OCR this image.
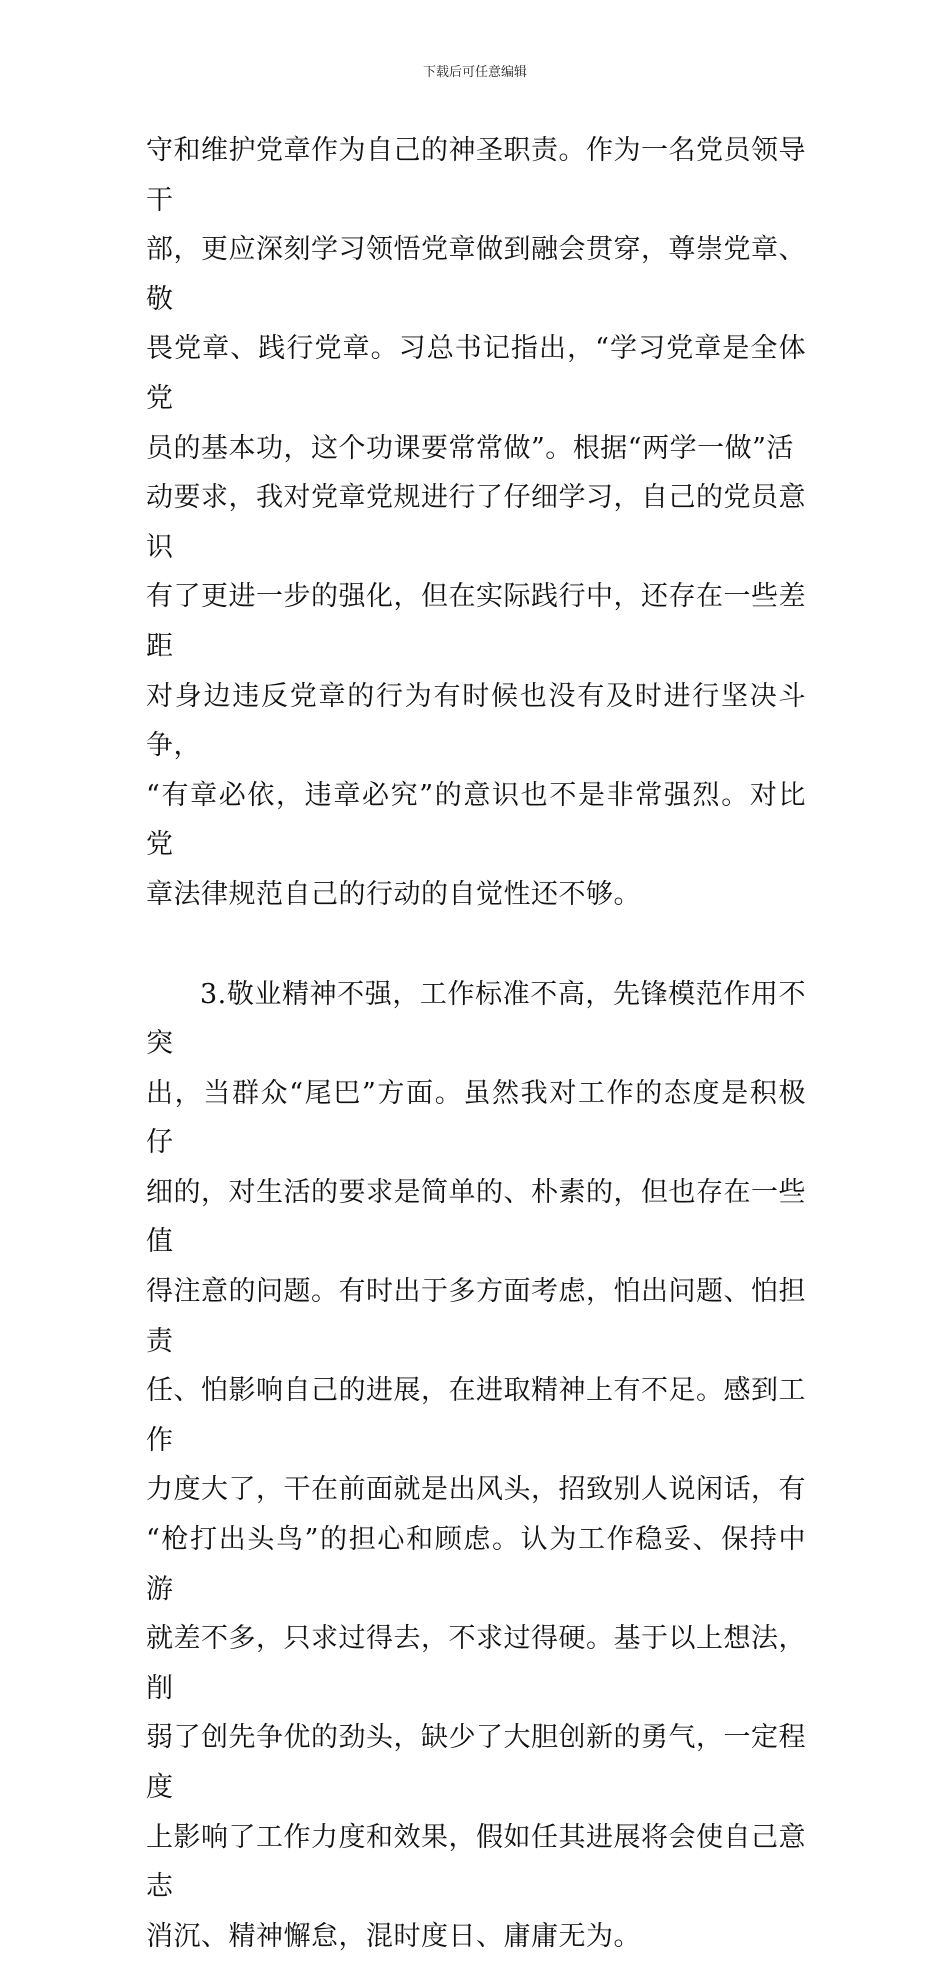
下载后可任意编辑
守和维护党章作为自己的神圣职责。作为一名党员领导干
部，更应深刻学习领悟党章做到融会贯穿，尊崇党章、敬
畏党章、践行党章。习总书记指出，“学习党章是全体党
员的基本功，这个功课要常常做”。根据“两学一做”活
动要求，我对党章党规进行了仔细学习，自己的党员意识
有了更进一步的强化，但在实际践行中，还存在一些差距
对身边违反党章的行为有时候也没有及时进行坚决斗争，
“有章必依，违章必究”的意识也不是非常强烈。对比党
章法律规范自己的行动的自觉性还不够。
3.敬业精神不强，工作标准不高，先锋模范作用不突
出，当群众“尾巴”方面。虽然我对工作的态度是积极仔
细的，对生活的要求是简单的、朴素的，但也存在一些值
得注意的问题。有时出于多方面考虑，怕出问题、怕担责
任、怕影响自己的进展，在进取精神上有不足。感到工作
力度大了，干在前面就是出风头，招致别人说闲话，有
“枪打出头鸟”的担心和顾虑。认为工作稳妥、保持中游
就差不多，只求过得去，不求过得硬。基于以上想法，削
弱了创先争优的劲头，缺少了大胆创新的勇气，一定程度
上影响了工作力度和效果，假如任其进展将会使自己意志
消沉、精神懈怠，混时度日、庸庸无为。
